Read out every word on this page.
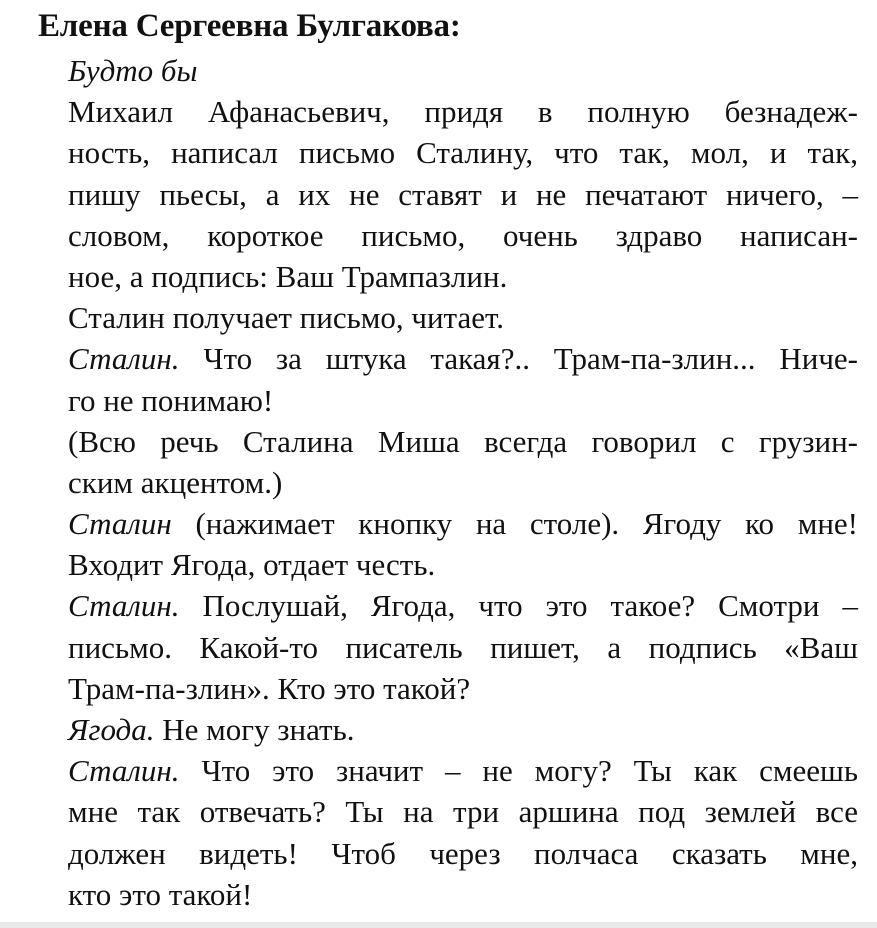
Елена Сергеевна Булгакова:
Будто бы
Михаил Афанасьевич, придя в полную безнадеж-
ность, написал письмо Сталину, что так, мол, и так,
пишу пьесы, а их не ставят и не печатают ничего, –
словом, короткое письмо, очень здраво написан-
ное, а подпись: Ваш Трампазлин.
Сталин получает письмо, читает.
Сталин. Что за штука такая?.. Трам-па-злин... Ниче-
го не понимаю!
(Всю речь Сталина Миша всегда говорил с грузин-
ским акцентом.)
Сталин (нажимает кнопку на столе). Ягоду ко мне!
Входит Ягода, отдает честь.
Сталин. Послушай, Ягода, что это такое? Смотри –
письмо. Какой-то писатель пишет, а подпись «Ваш
Трам-па-злин». Кто это такой?
Ягода. Не могу знать.
Сталин. Что это значит – не могу? Ты как смеешь
мне так отвечать? Ты на три аршина под землей все
должен видеть! Чтоб через полчаса сказать мне,
кто это такой!
